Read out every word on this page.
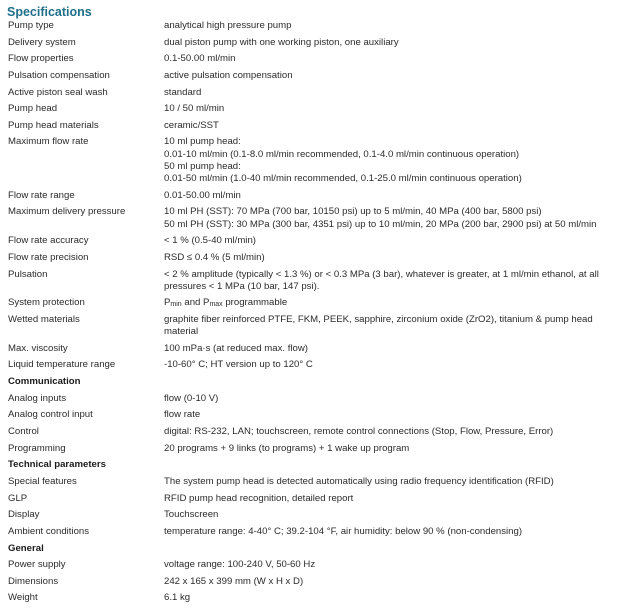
Specifications
Pump type	analytical high pressure pump

Delivery system	dual piston pump with one working piston, one auxiliary

Flow properties	0.1-50.00 ml/min

Pulsation compensation	active pulsation compensation

Active piston seal wash	standard

Pump head	10 / 50 ml/min

Pump head materials	ceramic/SST

Maximum flow rate	10 ml pump head:
0.01-10 ml/min (0.1-8.0 ml/min recommended, 0.1-4.0 ml/min continuous operation)
50 ml pump head:
0.01-50 ml/min (1.0-40 ml/min recommended, 0.1-25.0 ml/min continuous operation)

Flow rate range	0.01-50.00 ml/min

Maximum delivery pressure	10 ml PH (SST): 70 MPa (700 bar, 10150 psi) up to 5 ml/min, 40 MPa (400 bar, 5800 psi)
50 ml PH (SST): 30 MPa (300 bar, 4351 psi) up to 10 ml/min, 20 MPa (200 bar, 2900 psi) at 50 ml/min

Flow rate accuracy	< 1 % (0.5-40 ml/min)

Flow rate precision	RSD ≤ 0.4 % (5 ml/min)

Pulsation	< 2 % amplitude (typically < 1.3 %) or < 0.3 MPa (3 bar), whatever is greater, at 1 ml/min ethanol, at all
pressures < 1 MPa (10 bar, 147 psi).

System protection	$P_{min}$ and $P_{max}$ programmable
Wetted materials	graphite fiber reinforced PTFE, FKM, PEEK, sapphire, zirconium oxide (ZrO2), titanium & pump head
material

Max. viscosity	100 mPa·s (at reduced max. flow)

Liquid temperature range	-10-60° C; HT version up to 120° C

Communication	
Analog inputs	flow (0-10 V)

Analog control input	flow rate

Control	digital: RS-232, LAN; touchscreen, remote control connections (Stop, Flow, Pressure, Error)

Programming	20 programs + 9 links (to programs) + 1 wake up program

Technical parameters	
Special features	The system pump head is detected automatically using radio frequency identification (RFID)

GLP	RFID pump head recognition, detailed report

Display	Touchscreen

Ambient conditions	temperature range: 4-40° C; 39.2-104 °F, air humidity: below 90 % (non-condensing)

General	
Power supply	voltage range: 100-240 V, 50-60 Hz

Dimensions	242 x 165 x 399 mm (W x H x D)

Weight	6.1 kg
